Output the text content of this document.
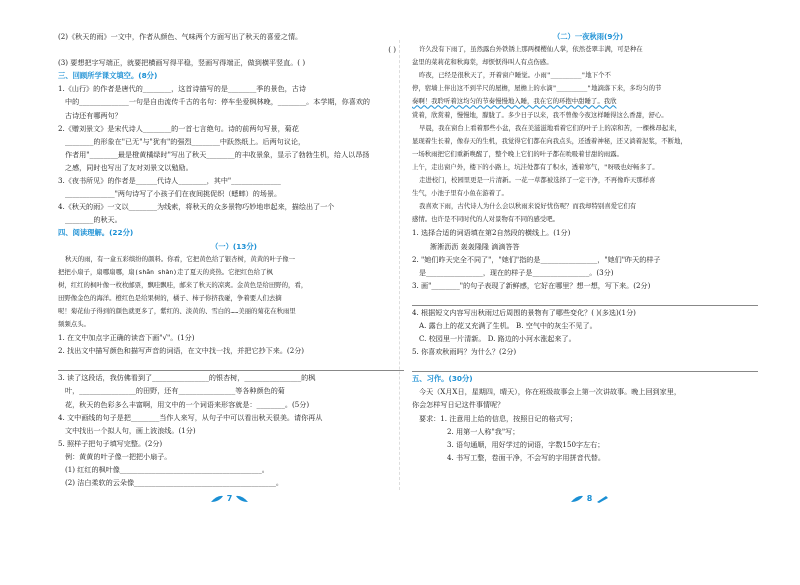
(2)《秋天的雨》一文中，作者从颜色、气味两个方面写出了秋天的喜爱之情。
( )
(3) 要想把字写端正，就要把横画写得平稳，竖画写得端正，做到横平竖直。( )
三、回顾所学课文填空。(8分)
1.《山行》的作者是唐代的________，这首诗描写的是________季的景色，古诗
中的______________一句是自由流传千古的名句：停车坐爱枫林晚，________。本学期，你喜欢的
古诗还有哪两句？
2.《赠刘景文》是宋代诗人________的一首七言绝句。诗的前两句写景，菊花
________的形象在"已无"与"犹有"的强烈________中跃然纸上。后两句议论，
作者用"________最是橙黄橘绿时"写出了秋天________的丰收景象，显示了勃勃生机，给人以昂扬
之感，同时也写出了友对刘景文以勉励。
3.《夜书所见》的作者是______代诗人________，其中"______________
______________"两句诗写了小孩子们在夜间挑促织（蟋蟀）的场景。
4.《秋天的雨》一文以________为线索，将秋天的众多景物巧妙地串起来，描绘出了一个
________的秋天。
四、阅读理解。(22分)
（一）(13分)
秋天的雨，有一盒五彩缤纷的颜料。你看，它把黄色给了银杏树，黄黄的叶子像一
把把小扇子，扇哪扇哪，扇(shān shàn)走了夏天的炎热。它把红色给了枫
树，红红的枫叶像一枚枚邮票，飘哇飘哇，邮来了秋天的凉爽。金黄色是给田野的，看，
田野像金色的海洋。橙红色是给果树的，橘子、柿子你挤我碰，争着要人们去摘
呢！菊花仙子得到的颜色就更多了，紫红的、淡黄的、雪白的……美丽的菊花在秋雨里
频频点头。
1. 在文中加点字正确的读音下画"√"。(1分)
2. 找出文中描写颜色和描写声音的词语，在文中找一找，并把它抄下来。(2分)
3. 读了这段话，我仿佛看到了________________的银杏树，________________的枫
叶，________________的田野，还有________________等各种颜色的菊
花，秋天的色彩多么丰富啊，用文中的一个词语来形容就是：________。(5分)
4. 文中画线的句子是把________当作人来写，从句子中可以看出秋天很美。请你再从
文中找出一个拟人句，画上波浪线。(1分)
5. 照样子把句子填写完整。(2分)
例：黄黄的叶子像一把把小扇子。
(1) 红红的枫叶像________________________________________。
(2) 洁白柔软的云朵像________________________________________。
（二）一夜秋雨(9分)
许久没有下雨了，虽然露台外铁锈上那两棵樱仙人掌，依然苍翠丰满，可是种在
盆里的菜莉花和秋海棠，却恹恹得叫人有点伤感。
昨夜，已经是很秋天了，开着窗户睡觉。小雨"________"地下个不
停，宿墙上伴出这不到半尺的屋檐，屋檐上的水滴"________"地滴落下来，多均匀的节
奏啊！我聆听着这均匀的节奏慢慢地入睡，我在它的环抱中甜睡了。我欣
赏着，欣赏着，慢慢地，朦胧了。多少日子以来，我不曾像今夜这样睡得这么香甜，舒心。
早晨，我在窗台上看着那些小盆，我在美滋滋地看着它们的叶子上的凉和苦，一棵株昂起来，
显现着生长着，像春天的生机，我觉得它们都在向我点头，还透着神秘，还又淌着泥浆，不断地，
一场秋雨把它们重新唤醒了，整个晚上它们的叶子都在吮吸着甘甜的雨露。
上午，走出窗户外，楼下的小路上，坑洼处都有了积水，透着寒气，"呀吸也好畅多了。
走进校门，校园里更是一片清新。一花一草都被选择了一定干净，不再像昨天那样喜
生气，小池子里有小鱼在游着了。
我喜欢下雨，古代诗人为什么会以秋雨来说好忧伤呢？而我却特别喜爱它们有
感情。也许是不同时代的人对景物有不同的感受吧。
1. 选择合适的词语填在第2自然段的横线上。(1分)
淅淅沥沥 轰轰隆隆 滴滴答答
2. "她们昨天完全不同了"，"她们"指的是________________，"她们"昨天的样子
是________________，现在的样子是________________。(3分)
3. 画"________"的句子表现了新鲜感，它好在哪里？想一想，写下来。(2分)
4. 根据短文内容写出秋雨过后周围的景物有了哪些变化？( )(多选)(1分)
A. 露台上的花又充满了生机。 B. 空气中的灰尘不见了。
C. 校园里一片清新。 D. 路边的小河水涨起来了。
5. 你喜欢秋雨吗？为什么？(2分)
五、习作。(30分)
今天（X月X日，星期四，晴天），你在班级故事会上第一次讲故事。晚上回到家里，
你会怎样写日记这件事情呢？
要求：1. 注意用上给的信息，按照日记的格式写；
2. 用第一人称"我"写；
3. 语句通顺，用好学过的词语，字数150字左右；
4. 书写工整，卷面干净，不会写的字用拼音代替。
7	8
